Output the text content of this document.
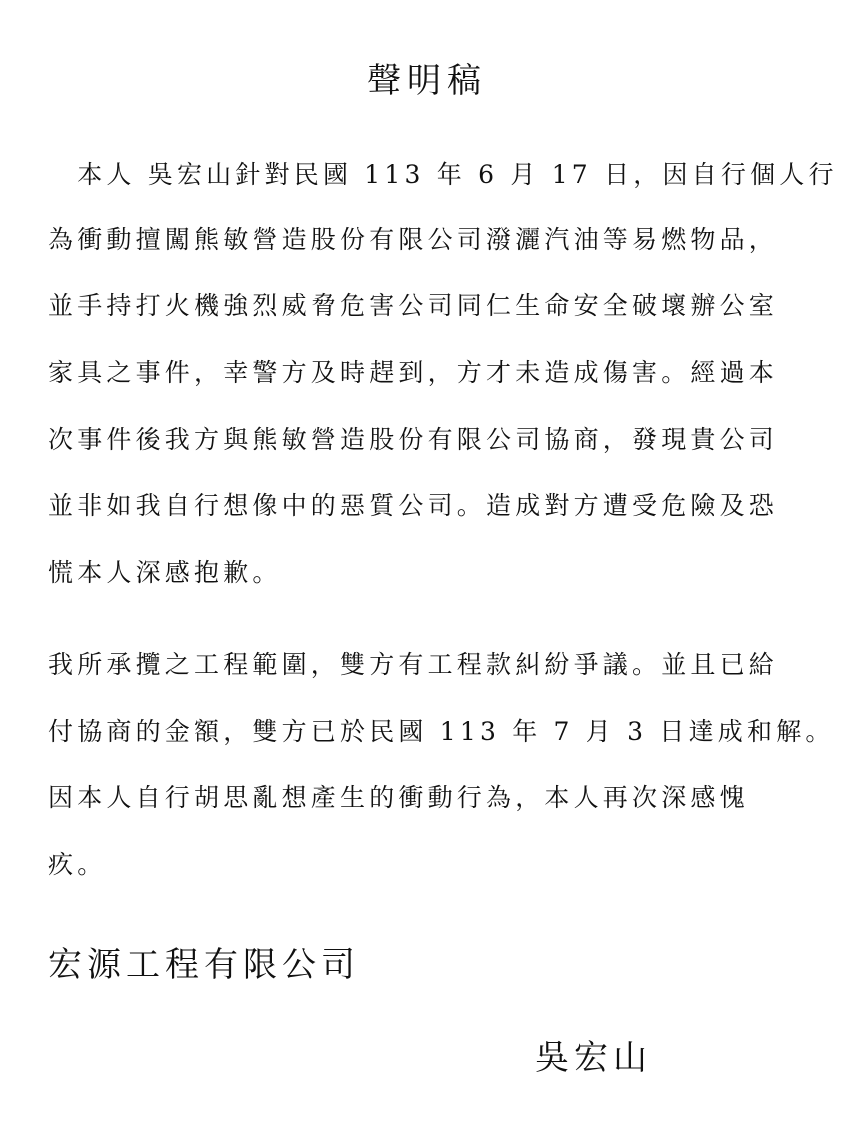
聲明稿
　本人 吳宏山針對民國 113 年 6 月 17 日，因自行個人行
為衝動擅闖熊敏營造股份有限公司潑灑汽油等易燃物品，
並手持打火機強烈威脅危害公司同仁生命安全破壞辦公室
家具之事件，幸警方及時趕到，方才未造成傷害。經過本
次事件後我方與熊敏營造股份有限公司協商，發現貴公司
並非如我自行想像中的惡質公司。造成對方遭受危險及恐
慌本人深感抱歉。
我所承攬之工程範圍，雙方有工程款糾紛爭議。並且已給
付協商的金額，雙方已於民國 113 年 7 月 3 日達成和解。
因本人自行胡思亂想產生的衝動行為，本人再次深感愧
疚。
宏源工程有限公司
吳宏山
